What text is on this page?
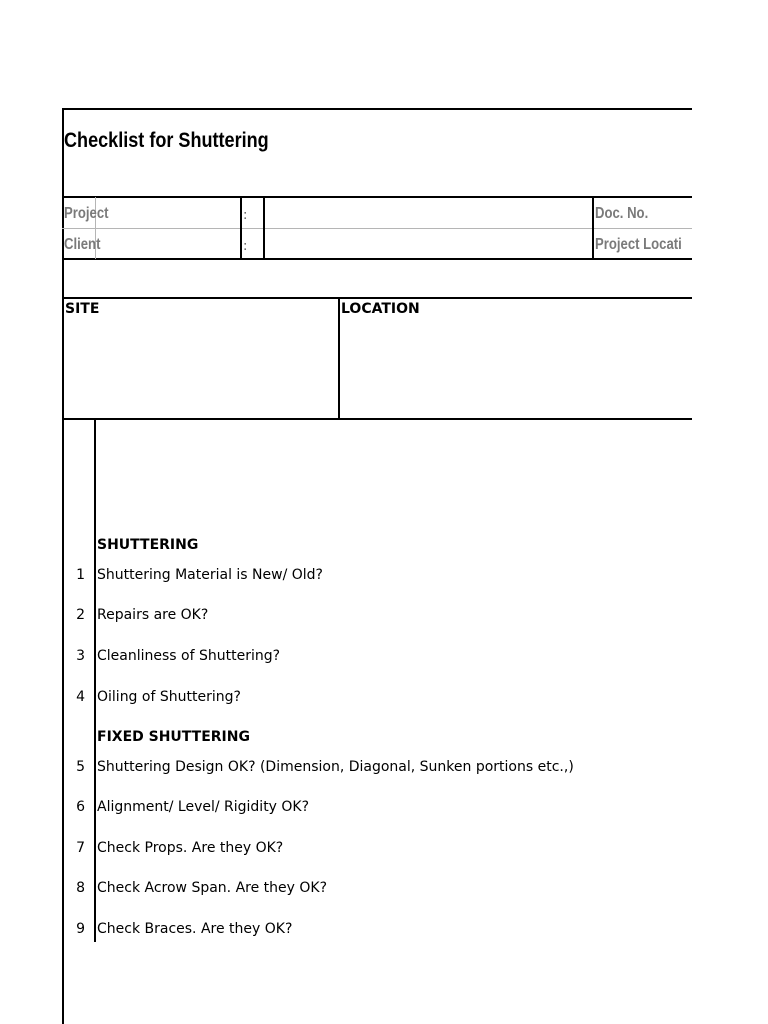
Checklist for Shuttering
Project
Client
:
:
Doc. No.
Project Locati
SITE	LOCATION
SHUTTERING
1 Shuttering Material is New/ Old?
2 Repairs are OK?
3 Cleanliness of Shuttering?
4 Oiling of Shuttering?
FIXED SHUTTERING
5 Shuttering Design OK? (Dimension, Diagonal, Sunken portions etc.,)
6 Alignment/ Level/ Rigidity OK?
7 Check Props. Are they OK?
8 Check Acrow Span. Are they OK?
9 Check Braces. Are they OK?
